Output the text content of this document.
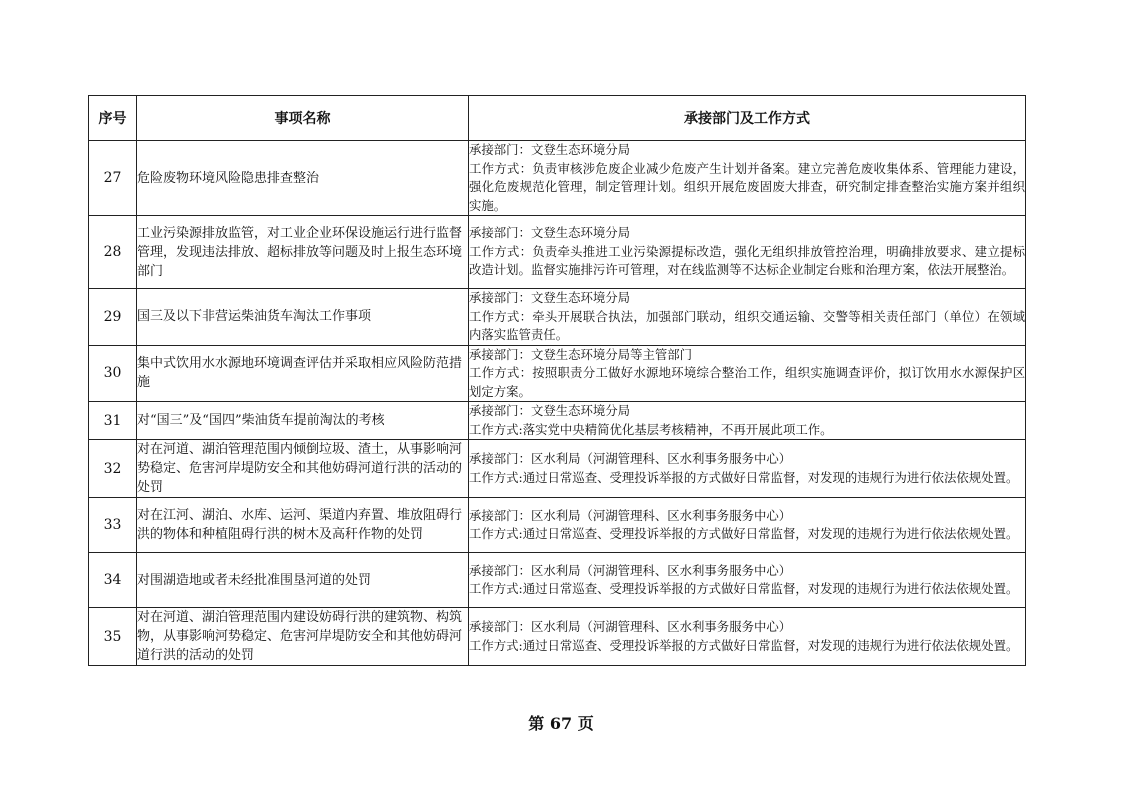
序号	事项名称	承接部门及工作方式
27	危险废物环境风险隐患排查整治	承接部门：文登生态环境分局
工作方式：负责审核涉危废企业减少危废产生计划并备案。建立完善危废收集体系、管理能力建设，强化危废规范化管理，制定管理计划。组织开展危废固废大排查，研究制定排查整治实施方案并组织实施。

28	工业污染源排放监管，对工业企业环保设施运行进行监督管理，发现违法排放、超标排放等问题及时上报生态环境部门	承接部门：文登生态环境分局
工作方式：负责牵头推进工业污染源提标改造，强化无组织排放管控治理，明确排放要求、建立提标改造计划。监督实施排污许可管理，对在线监测等不达标企业制定台账和治理方案，依法开展整治。

29	国三及以下非营运柴油货车淘汰工作事项	承接部门：文登生态环境分局
工作方式：牵头开展联合执法，加强部门联动，组织交通运输、交警等相关责任部门（单位）在领域内落实监管责任。

30	集中式饮用水水源地环境调查评估并采取相应风险防范措施	承接部门：文登生态环境分局等主管部门
工作方式：按照职责分工做好水源地环境综合整治工作，组织实施调查评价，拟订饮用水水源保护区划定方案。

31	对“国三”及“国四”柴油货车提前淘汰的考核	承接部门：文登生态环境分局
工作方式:落实党中央精简优化基层考核精神，不再开展此项工作。

32	对在河道、湖泊管理范围内倾倒垃圾、渣土，从事影响河势稳定、危害河岸堤防安全和其他妨碍河道行洪的活动的处罚	承接部门：区水利局（河湖管理科、区水利事务服务中心）
工作方式:通过日常巡查、受理投诉举报的方式做好日常监督，对发现的违规行为进行依法依规处置。

33	对在江河、湖泊、水库、运河、渠道内弃置、堆放阻碍行洪的物体和种植阻碍行洪的树木及高秆作物的处罚	承接部门：区水利局（河湖管理科、区水利事务服务中心）
工作方式:通过日常巡查、受理投诉举报的方式做好日常监督，对发现的违规行为进行依法依规处置。

34	对围湖造地或者未经批准围垦河道的处罚	承接部门：区水利局（河湖管理科、区水利事务服务中心）
工作方式:通过日常巡查、受理投诉举报的方式做好日常监督，对发现的违规行为进行依法依规处置。

35	对在河道、湖泊管理范围内建设妨碍行洪的建筑物、构筑物，从事影响河势稳定、危害河岸堤防安全和其他妨碍河道行洪的活动的处罚	承接部门：区水利局（河湖管理科、区水利事务服务中心）
工作方式:通过日常巡查、受理投诉举报的方式做好日常监督，对发现的违规行为进行依法依规处置。
第 67 页
